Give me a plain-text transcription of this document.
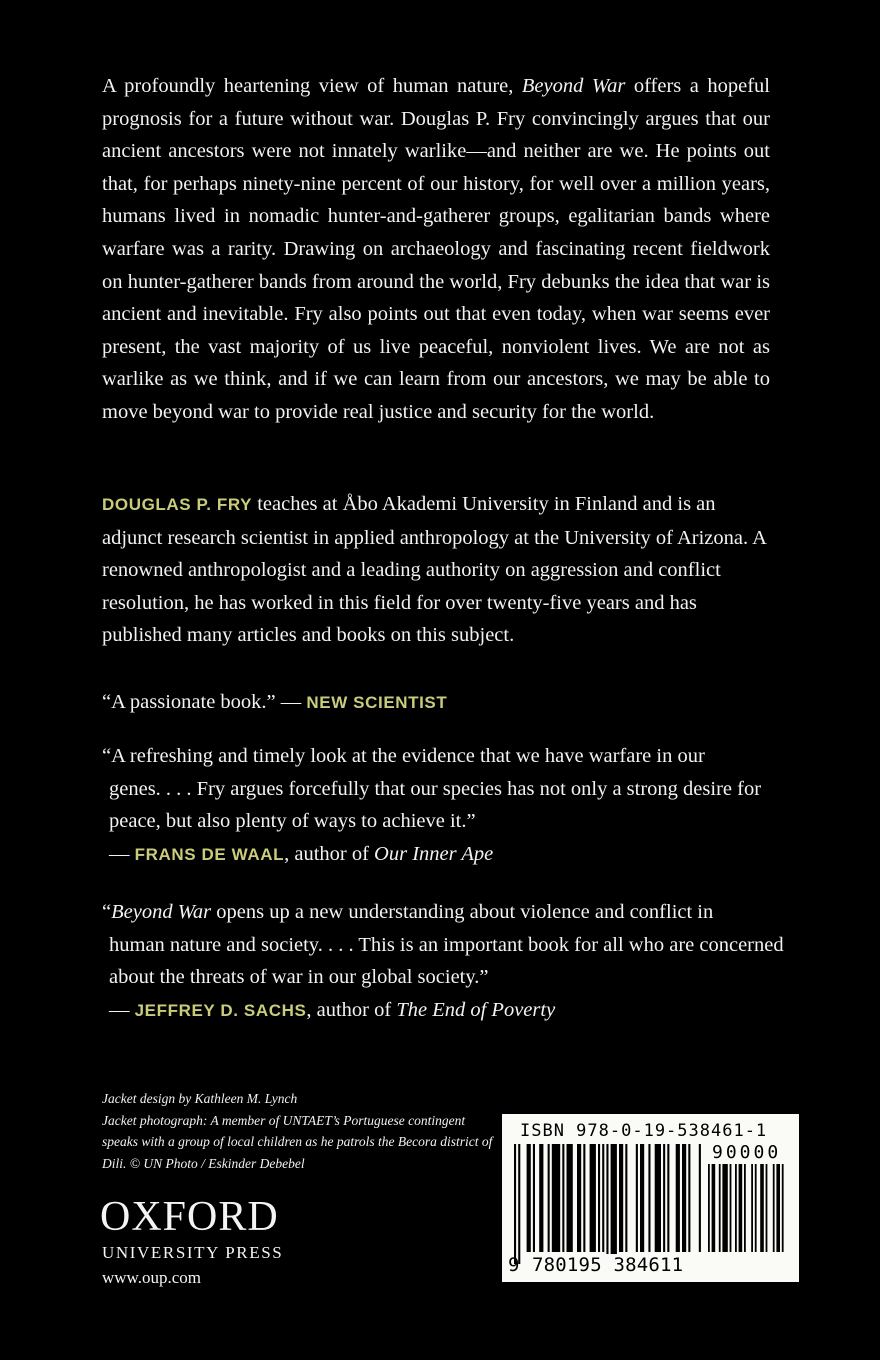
A profoundly heartening view of human nature, Beyond War offers a hopeful prognosis for a future without war. Douglas P. Fry convincingly argues that our ancient ancestors were not innately warlike—and neither are we. He points out that, for perhaps ninety-nine percent of our history, for well over a million years, humans lived in nomadic hunter-and-gatherer groups, egalitarian bands where warfare was a rarity. Drawing on archaeology and fascinating recent fieldwork on hunter-gatherer bands from around the world, Fry debunks the idea that war is ancient and inevitable. Fry also points out that even today, when war seems ever present, the vast majority of us live peaceful, nonviolent lives. We are not as warlike as we think, and if we can learn from our ancestors, we may be able to move beyond war to provide real justice and security for the world.

DOUGLAS P. FRY teaches at Åbo Akademi University in Finland and is an adjunct research scientist in applied anthropology at the University of Arizona. A renowned anthropologist and a leading authority on aggression and conflict resolution, he has worked in this field for over twenty-five years and has published many articles and books on this subject.

“A passionate book.” — NEW SCIENTIST

“A refreshing and timely look at the evidence that we have warfare in our
genes. . . . Fry argues forcefully that our species has not only a strong desire for peace, but also plenty of ways to achieve it.”
— FRANS DE WAAL, author of Our Inner Ape
“Beyond War opens up a new understanding about violence and conflict in
human nature and society. . . . This is an important book for all who are concerned about the threats of war in our global society.”
— JEFFREY D. SACHS, author of The End of Poverty

Jacket design by Kathleen M. Lynch

Jacket photograph: A member of UNTAET’s Portuguese contingent speaks with a group of local children as he patrols the Becora district of Dili. © UN Photo / Eskinder Debebel

OXFORD
UNIVERSITY PRESS
www.oup.com
ISBN 978-0-19-538461-1
90000
9 780195 384611
